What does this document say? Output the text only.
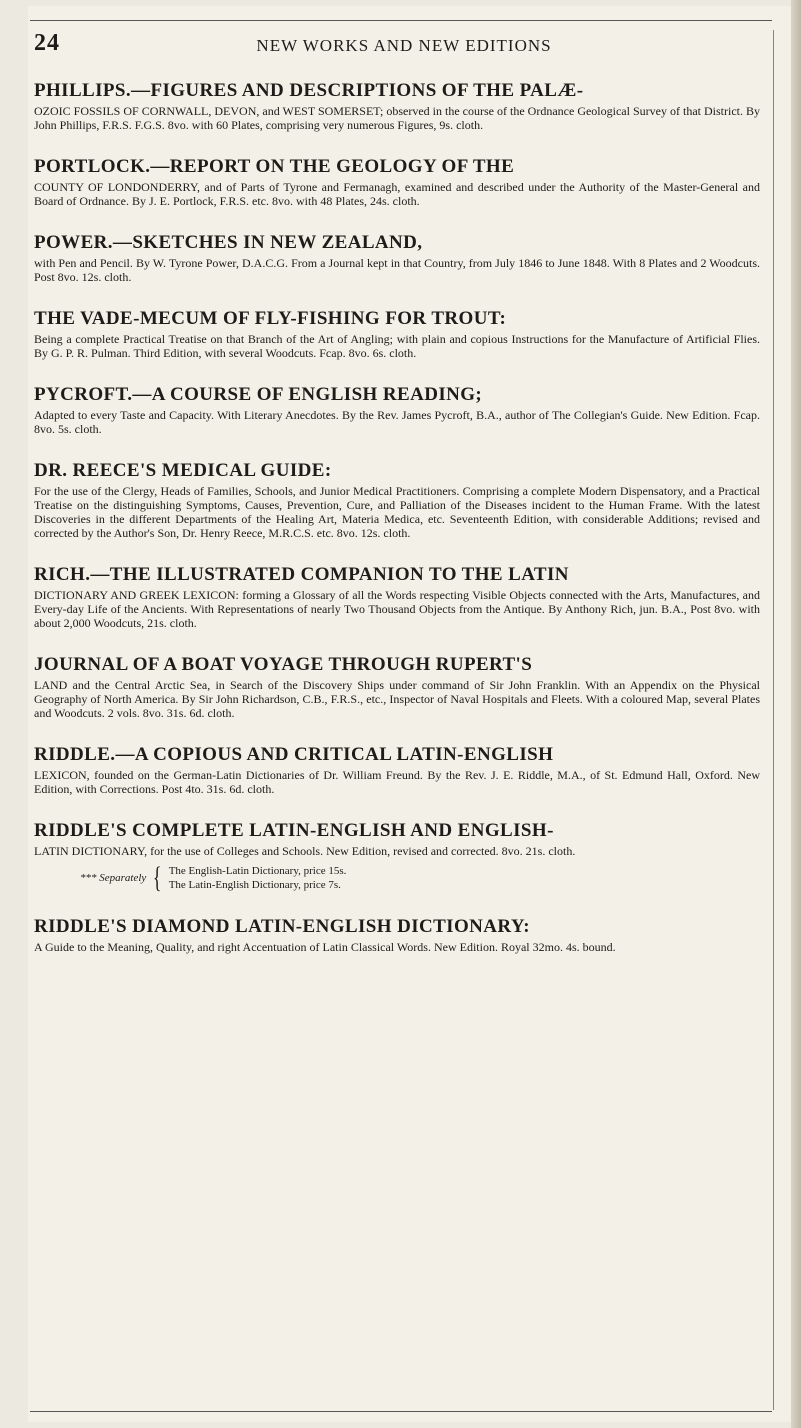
24	NEW WORKS AND NEW EDITIONS
PHILLIPS.—FIGURES AND DESCRIPTIONS OF THE PALÆ-
OZOIC FOSSILS OF CORNWALL, DEVON, and WEST SOMERSET; observed in the course of the Ordnance Geological Survey of that District. By John Phillips, F.R.S. F.G.S. 8vo. with 60 Plates, comprising very numerous Figures, 9s. cloth.
PORTLOCK.—REPORT ON THE GEOLOGY OF THE
COUNTY OF LONDONDERRY, and of Parts of Tyrone and Fermanagh, examined and described under the Authority of the Master-General and Board of Ordnance. By J. E. Portlock, F.R.S. etc. 8vo. with 48 Plates, 24s. cloth.
POWER.—SKETCHES IN NEW ZEALAND,
with Pen and Pencil. By W. Tyrone Power, D.A.C.G. From a Journal kept in that Country, from July 1846 to June 1848. With 8 Plates and 2 Woodcuts. Post 8vo. 12s. cloth.
THE VADE-MECUM OF FLY-FISHING FOR TROUT:
Being a complete Practical Treatise on that Branch of the Art of Angling; with plain and copious Instructions for the Manufacture of Artificial Flies. By G. P. R. Pulman. Third Edition, with several Woodcuts. Fcap. 8vo. 6s. cloth.
PYCROFT.—A COURSE OF ENGLISH READING;
Adapted to every Taste and Capacity. With Literary Anecdotes. By the Rev. James Pycroft, B.A., author of The Collegian's Guide. New Edition. Fcap. 8vo. 5s. cloth.
DR. REECE'S MEDICAL GUIDE:
For the use of the Clergy, Heads of Families, Schools, and Junior Medical Practitioners. Comprising a complete Modern Dispensatory, and a Practical Treatise on the distinguishing Symptoms, Causes, Prevention, Cure, and Palliation of the Diseases incident to the Human Frame. With the latest Discoveries in the different Departments of the Healing Art, Materia Medica, etc. Seventeenth Edition, with considerable Additions; revised and corrected by the Author's Son, Dr. Henry Reece, M.R.C.S. etc. 8vo. 12s. cloth.
RICH.—THE ILLUSTRATED COMPANION TO THE LATIN
DICTIONARY AND GREEK LEXICON: forming a Glossary of all the Words respecting Visible Objects connected with the Arts, Manufactures, and Every-day Life of the Ancients. With Representations of nearly Two Thousand Objects from the Antique. By Anthony Rich, jun. B.A., Post 8vo. with about 2,000 Woodcuts, 21s. cloth.
JOURNAL OF A BOAT VOYAGE THROUGH RUPERT'S
LAND and the Central Arctic Sea, in Search of the Discovery Ships under command of Sir John Franklin. With an Appendix on the Physical Geography of North America. By Sir John Richardson, C.B., F.R.S., etc., Inspector of Naval Hospitals and Fleets. With a coloured Map, several Plates and Woodcuts. 2 vols. 8vo. 31s. 6d. cloth.
RIDDLE.—A COPIOUS AND CRITICAL LATIN-ENGLISH
LEXICON, founded on the German-Latin Dictionaries of Dr. William Freund. By the Rev. J. E. Riddle, M.A., of St. Edmund Hall, Oxford. New Edition, with Corrections. Post 4to. 31s. 6d. cloth.
RIDDLE'S COMPLETE LATIN-ENGLISH AND ENGLISH-
LATIN DICTIONARY, for the use of Colleges and Schools. New Edition, revised and corrected. 8vo. 21s. cloth.
*** Separately { The English-Latin Dictionary, price 15s.
The Latin-English Dictionary, price 7s.
RIDDLE'S DIAMOND LATIN-ENGLISH DICTIONARY:
A Guide to the Meaning, Quality, and right Accentuation of Latin Classical Words. New Edition. Royal 32mo. 4s. bound.
